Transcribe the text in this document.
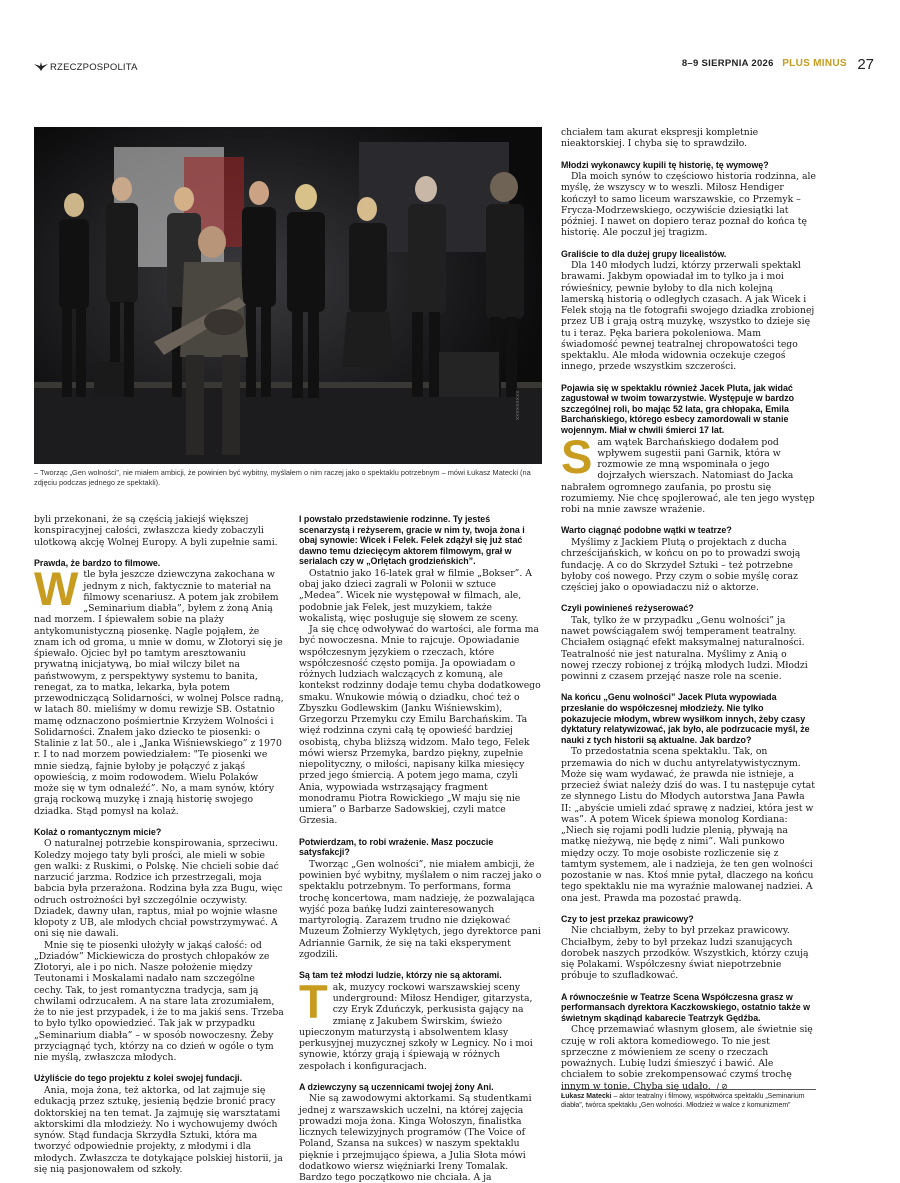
RZECZPOSPOLITA	8–9 SIERPNIA 2026 PLUS MINUS 27
XXXXXXXXX
– Tworząc „Gen wolności”, nie miałem ambicji, że powinien być wybitny, myślałem o nim raczej jako o spektaklu potrzebnym – mówi Łukasz Matecki (na zdjęciu podczas jednego ze spektakli).

byli przekonani, że są częścią jakiejś większej konspiracyjnej całości, zwłaszcza kiedy zobaczyli ulotkową akcję Wolnej Europy. A byli zupełnie sami.

Prawda, że bardzo to filmowe.

Wtle była jeszcze dziewczyna zakochana w jednym z nich, faktycznie to materiał na filmowy scenariusz. A potem jak zrobiłem „Seminarium diabła”, byłem z żoną Anią nad morzem. I śpiewałem sobie na plaży antykomunistyczną piosenkę. Nagle pojąłem, że znam ich od groma, u mnie w domu, w Złotoryi się je śpiewało. Ojciec był po tamtym aresztowaniu prywatną inicjatywą, bo miał wilczy bilet na państwowym, z perspektywy systemu to banita, renegat, za to matka, lekarka, była potem przewodniczącą Solidarności, w wolnej Polsce radną, w latach 80. mieliśmy w domu rewizje SB. Ostatnio mamę odznaczono pośmiertnie Krzyżem Wolności i Solidarności. Znałem jako dziecko te piosenki: o Stalinie z lat 50., ale i „Janka Wiśniewskiego” z 1970 r. I to nad morzem powiedziałem: "Te piosenki we mnie siedzą, fajnie byłoby je połączyć z jakąś opowieścią, z moim rodowodem. Wielu Polaków może się w tym odnaleźć”. No, a mam synów, który grają rockową muzykę i znają historię swojego dziadka. Stąd pomysł na kolaż.

Kolaż o romantycznym micie?

O naturalnej potrzebie konspirowania, sprzeciwu. Koledzy mojego taty byli prości, ale mieli w sobie gen walki: z Ruskimi, o Polskę. Nie chcieli sobie dać narzucić jarzma. Rodzice ich przestrzegali, moja babcia była przerażona. Rodzina była zza Bugu, więc odruch ostrożności był szczególnie oczywisty. Dziadek, dawny ułan, raptus, miał po wojnie własne kłopoty z UB, ale młodych chciał powstrzymywać. A oni się nie dawali.

Mnie się te piosenki ułożyły w jakąś całość: od „Dziadów” Mickiewicza do prostych chłopaków ze Złotoryi, ale i po nich. Nasze położenie między Teutonami i Moskalami nadało nam szczególne cechy. Tak, to jest romantyczna tradycja, sam ją chwilami odrzucałem. A na stare lata zrozumiałem, że to nie jest przypadek, i że to ma jakiś sens. Trzeba to było tylko opowiedzieć. Tak jak w przypadku „Seminarium diabła” – w sposób nowoczesny. Żeby przyciągnąć tych, którzy na co dzień w ogóle o tym nie myślą, zwłaszcza młodych.

Użyliście do tego projektu z kolei swojej fundacji.

Ania, moja żona, też aktorka, od lat zajmuje się edukacją przez sztukę, jesienią będzie bronić pracy doktorskiej na ten temat. Ja zajmuję się warsztatami aktorskimi dla młodzieży. No i wychowujemy dwóch synów. Stąd fundacja Skrzydła Sztuki, która ma tworzyć odpowiednie projekty, z młodymi i dla młodych. Zwłaszcza te dotykające polskiej historii, ja się nią pasjonowałem od szkoły.

I powstało przedstawienie rodzinne. Ty jesteś scenarzystą i reżyserem, gracie w nim ty, twoja żona i obaj synowie: Wicek i Felek. Felek zdążył się już stać dawno temu dziecięcym aktorem filmowym, grał w serialach czy w „Orlętach grodzieńskich”.

Ostatnio jako 16-latek grał w filmie „Bokser”. A obaj jako dzieci zagrali w Polonii w sztuce „Medea”. Wicek nie występował w filmach, ale, podobnie jak Felek, jest muzykiem, także wokalistą, więc posługuje się słowem ze sceny.

Ja się chcę odwoływać do wartości, ale forma ma być nowoczesna. Mnie to rajcuje. Opowiadanie współczesnym językiem o rzeczach, które współczesność często pomija. Ja opowiadam o różnych ludziach walczących z komuną, ale kontekst rodzinny dodaje temu chyba dodatkowego smaku. Wnukowie mówią o dziadku, choć też o Zbyszku Godlewskim (Janku Wiśniewskim), Grzegorzu Przemyku czy Emilu Barchańskim. Ta więź rodzinna czyni całą tę opowieść bardziej osobistą, chyba bliższą widzom. Mało tego, Felek mówi wiersz Przemyka, bardzo piękny, zupełnie niepolityczny, o miłości, napisany kilka miesięcy przed jego śmiercią. A potem jego mama, czyli Ania, wypowiada wstrząsający fragment monodramu Piotra Rowickiego „W maju się nie umiera” o Barbarze Sadowskiej, czyli matce Grzesia.

Potwierdzam, to robi wrażenie. Masz poczucie satysfakcji?

Tworząc „Gen wolności”, nie miałem ambicji, że powinien być wybitny, myślałem o nim raczej jako o spektaklu potrzebnym. To performans, forma trochę koncertowa, mam nadzieję, że pozwalająca wyjść poza bańkę ludzi zainteresowanych martyrologią. Zarazem trudno nie dziękować Muzeum Żołnierzy Wyklętych, jego dyrektorce pani Adriannie Garnik, że się na taki eksperyment zgodzili.

Są tam też młodzi ludzie, którzy nie są aktorami.

Tak, muzycy rockowi warszawskiej sceny underground: Miłosz Hendiger, gitarzysta, czy Eryk Zduńczyk, perkusista gający na zmianę z Jakubem Świrskim, świeżo upieczonym maturzystą i absolwentem klasy perkusyjnej muzycznej szkoły w Legnicy. No i moi synowie, którzy grają i śpiewają w różnych zespołach i konfiguracjach.

A dziewczyny są uczennicami twojej żony Ani.

Nie są zawodowymi aktorkami. Są studentkami jednej z warszawskich uczelni, na której zajęcia prowadzi moja żona. Kinga Wołoszyn, finalistka licznych telewizyjnych programów (The Voice of Poland, Szansa na sukces) w naszym spektaklu pięknie i przejmująco śpiewa, a Julia Słota mówi dodatkowo wiersz więźniarki Ireny Tomalak. Bardzo tego początkowo nie chciała. A ja

chciałem tam akurat ekspresji kompletnie nieaktorskiej. I chyba się to sprawdziło.

Młodzi wykonawcy kupili tę historię, tę wymowę?

Dla moich synów to częściowo historia rodzinna, ale myślę, że wszyscy w to weszli. Miłosz Hendiger kończył to samo liceum warszawskie, co Przemyk – Frycza-Modrzewskiego, oczywiście dziesiątki lat później. I nawet on dopiero teraz poznał do końca tę historię. Ale poczuł jej tragizm.

Graliście to dla dużej grupy licealistów.

Dla 140 młodych ludzi, którzy przerwali spektakl brawami. Jakbym opowiadał im to tylko ja i moi rówieśnicy, pewnie byłoby to dla nich kolejną lamerską historią o odległych czasach. A jak Wicek i Felek stoją na tle fotografii swojego dziadka zrobionej przez UB i grają ostrą muzykę, wszystko to dzieje się tu i teraz. Pęka bariera pokoleniowa. Mam świadomość pewnej teatralnej chropowatości tego spektaklu. Ale młoda widownia oczekuje czegoś innego, przede wszystkim szczerości.

Pojawia się w spektaklu również Jacek Pluta, jak widać zagustował w twoim towarzystwie. Występuje w bardzo szczególnej roli, bo mając 52 lata, gra chłopaka, Emila Barchańskiego, którego esbecy zamordowali w stanie wojennym. Miał w chwili śmierci 17 lat.

Sam wątek Barchańskiego dodałem pod wpływem sugestii pani Garnik, która w rozmowie ze mną wspominała o jego dojrzałych wierszach. Natomiast do Jacka nabrałem ogromnego zaufania, po prostu się rozumiemy. Nie chcę spojlerować, ale ten jego występ robi na mnie zawsze wrażenie.

Warto ciągnąć podobne wątki w teatrze?

Myślimy z Jackiem Plutą o projektach z ducha chrześcijańskich, w końcu on po to prowadzi swoją fundację. A co do Skrzydeł Sztuki – też potrzebne byłoby coś nowego. Przy czym o sobie myślę coraz częściej jako o opowiadaczu niż o aktorze.

Czyli powinieneś reżyserować?

Tak, tylko że w przypadku „Genu wolności” ja nawet powściągałem swój temperament teatralny. Chciałem osiągnąć efekt maksymalnej naturalności. Teatralność nie jest naturalna. Myślimy z Anią o nowej rzeczy robionej z trójką młodych ludzi. Młodzi powinni z czasem przejąć nasze role na scenie.

Na końcu „Genu wolności” Jacek Pluta wypowiada przesłanie do współczesnej młodzieży. Nie tylko pokazujecie młodym, wbrew wysiłkom innych, żeby czasy dyktatury relatywizować, jak było, ale podrzucacie myśl, że nauki z tych historii są aktualne. Jak bardzo?

To przedostatnia scena spektaklu. Tak, on przemawia do nich w duchu antyrelatywistycznym. Może się wam wydawać, że prawda nie istnieje, a przecież świat należy dziś do was. I tu następuje cytat ze słynnego Listu do Młodych autorstwa Jana Pawła II: „abyście umieli zdać sprawę z nadziei, która jest w was”. A potem Wicek śpiewa monolog Kordiana: „Niech się rojami podli ludzie plenią, pływają na matkę nieżywą, nie będę z nimi”. Wali punkowo między oczy. To moje osobiste rozliczenie się z tamtym systemem, ale i nadzieja, że ten gen wolności pozostanie w nas. Ktoś mnie pytał, dlaczego na końcu tego spektaklu nie ma wyraźnie malowanej nadziei. A ona jest. Prawda ma pozostać prawdą.

Czy to jest przekaz prawicowy?

Nie chciałbym, żeby to był przekaz prawicowy. Chciałbym, żeby to był przekaz ludzi szanujących dorobek naszych przodków. Wszystkich, którzy czują się Polakami. Współczesny świat niepotrzebnie próbuje to szufladkować.

A równocześnie w Teatrze Scena Współczesna grasz w performansach dyrektora Kaczkowskiego, ostatnio także w świetnym skądinąd kabarecie Teatrzyk Gędźba.

Chcę przemawiać własnym głosem, ale świetnie się czuję w roli aktora komediowego. To nie jest sprzeczne z mówieniem ze sceny o rzeczach poważnych. Lubię ludzi śmieszyć i bawić. Ale chciałem to sobie zrekompensować czymś trochę innym w tonie. Chyba się udało. / ⊘

Łukasz Matecki – aktor teatralny i filmowy, współtwórca spektaklu „Seminarium diabła”, twórca spektaklu „Gen wolności. Młodzież w walce z komunizmem”
